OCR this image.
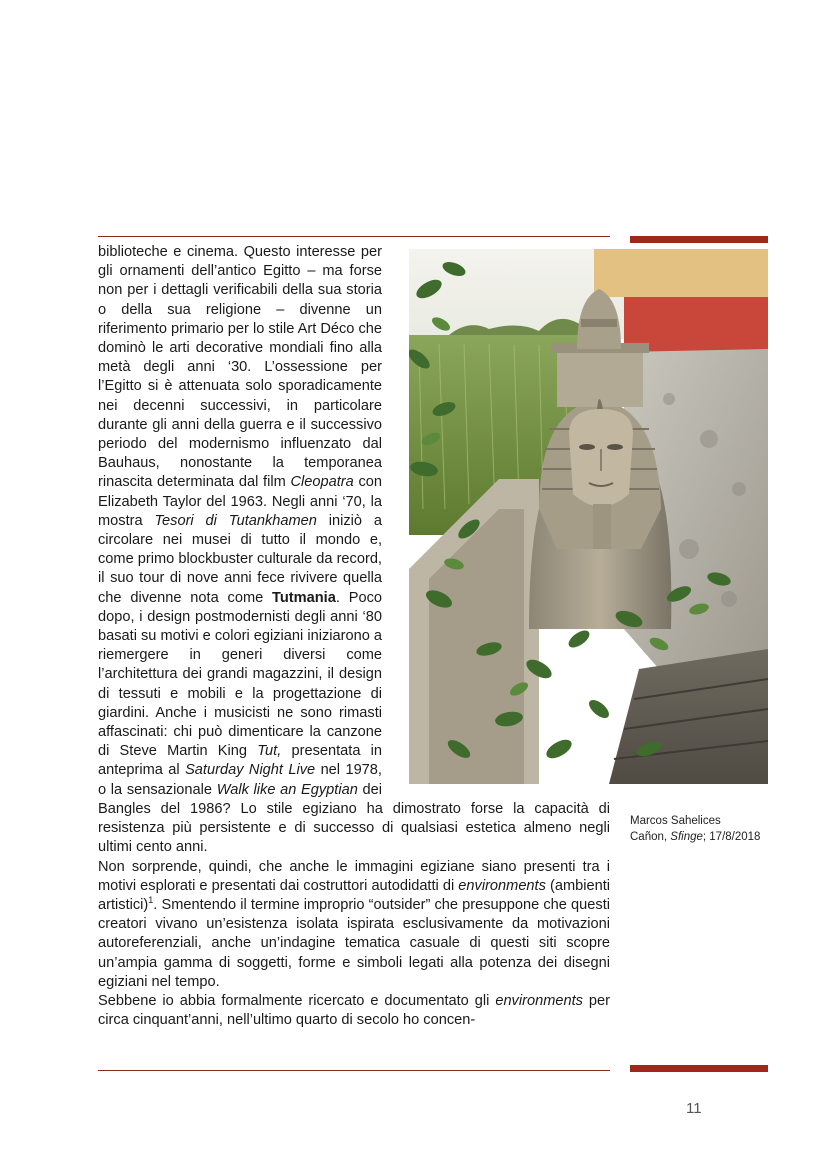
biblioteche e cinema. Questo interesse per gli ornamenti dell’antico Egitto – ma forse non per i dettagli verificabili della sua storia o della sua religione – divenne un riferimento primario per lo stile Art Déco che dominò le arti decorative mondiali fino alla metà degli anni ‘30. L’ossessione per l’Egitto si è attenuata solo sporadicamente nei decenni successivi, in particolare durante gli anni della guerra e il successivo periodo del modernismo influenzato dal Bauhaus, nonostante la temporanea rinascita determinata dal film Cleopatra con Elizabeth Taylor del 1963. Negli anni ‘70, la mostra Tesori di Tutankhamen iniziò a circolare nei musei di tutto il mondo e, come primo blockbuster culturale da record, il suo tour di nove anni fece rivivere quella che divenne nota come Tutmania. Poco dopo, i design postmodernisti degli anni ‘80 basati su motivi e colori egiziani iniziarono a riemergere in generi diversi come l’architettura dei grandi magazzini, il design di tessuti e mobili e la progettazione di giardini. Anche i musicisti ne sono rimasti affascinati: chi può dimenticare la canzone di Steve Martin King Tut, presentata in anteprima al Saturday Night Live nel 1978, o la sensazionale Walk like an Egyptian dei Bangles del 1986? Lo stile egiziano ha dimostrato forse la capacità di resistenza più persistente e di successo di qualsiasi estetica almeno negli ultimi cento anni.

Non sorprende, quindi, che anche le immagini egiziane siano presenti tra i motivi esplorati e presentati dai costruttori autodidatti di environments (ambienti artistici)$^1$. Smentendo il termine improprio “outsider” che presuppone che questi creatori vivano un’esistenza isolata ispirata esclusivamente da motivazioni autoreferenziali, anche un’indagine tematica casuale di questi siti scopre un’ampia gamma di soggetti, forme e simboli legati alla potenza dei disegni egiziani nel tempo.

Sebbene io abbia formalmente ricercato e documentato gli environments per circa cinquant’anni, nell’ultimo quarto di secolo ho concen-

Marcos Sahelices
Cañon, Sfinge; 17/8/2018
11
